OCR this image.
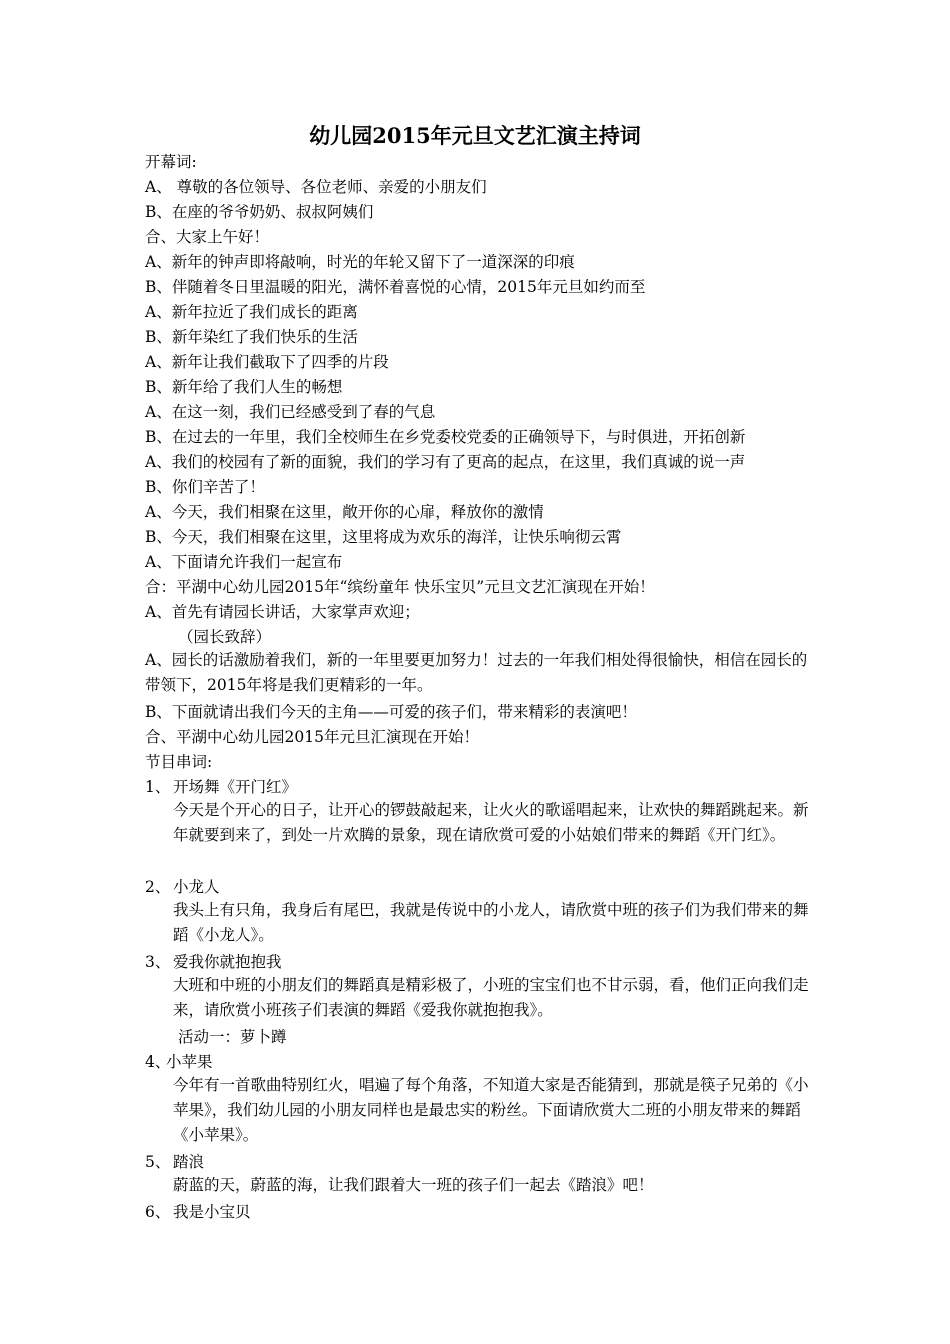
幼儿园2015年元旦文艺汇演主持词
开幕词:
A、 尊敬的各位领导、各位老师、亲爱的小朋友们
B、在座的爷爷奶奶、叔叔阿姨们
合、大家上午好！
A、新年的钟声即将敲响，时光的年轮又留下了一道深深的印痕
B、伴随着冬日里温暖的阳光，满怀着喜悦的心情，2015年元旦如约而至
A、新年拉近了我们成长的距离
B、新年染红了我们快乐的生活
A、新年让我们截取下了四季的片段
B、新年给了我们人生的畅想
A、在这一刻，我们已经感受到了春的气息
B、在过去的一年里，我们全校师生在乡党委校党委的正确领导下，与时俱进，开拓创新
A、我们的校园有了新的面貌，我们的学习有了更高的起点，在这里，我们真诚的说一声
B、你们辛苦了！
A、今天，我们相聚在这里，敞开你的心扉，释放你的激情
B、今天，我们相聚在这里，这里将成为欢乐的海洋，让快乐响彻云霄
A、下面请允许我们一起宣布
合：平湖中心幼儿园2015年“缤纷童年 快乐宝贝”元旦文艺汇演现在开始！
A、首先有请园长讲话，大家掌声欢迎；
（园长致辞）
A、园长的话激励着我们，新的一年里要更加努力！过去的一年我们相处得很愉快，相信在园长的带领下，2015年将是我们更精彩的一年。
B、下面就请出我们今天的主角——可爱的孩子们，带来精彩的表演吧！
合、平湖中心幼儿园2015年元旦汇演现在开始！
节目串词:
1、 开场舞《开门红》
今天是个开心的日子，让开心的锣鼓敲起来，让火火的歌谣唱起来，让欢快的舞蹈跳起来。新年就要到来了，到处一片欢腾的景象，现在请欣赏可爱的小姑娘们带来的舞蹈《开门红》。
2、 小龙人
我头上有只角，我身后有尾巴，我就是传说中的小龙人，请欣赏中班的孩子们为我们带来的舞蹈《小龙人》。
3、 爱我你就抱抱我
大班和中班的小朋友们的舞蹈真是精彩极了，小班的宝宝们也不甘示弱，看，他们正向我们走来，请欣赏小班孩子们表演的舞蹈《爱我你就抱抱我》。
活动一：萝卜蹲
4、
小苹果
今年有一首歌曲特别红火，唱遍了每个角落，不知道大家是否能猜到，那就是筷子兄弟的《小苹果》，我们幼儿园的小朋友同样也是最忠实的粉丝。下面请欣赏大二班的小朋友带来的舞蹈《小苹果》。
5、 踏浪
蔚蓝的天，蔚蓝的海，让我们跟着大一班的孩子们一起去《踏浪》吧！
6、 我是小宝贝
